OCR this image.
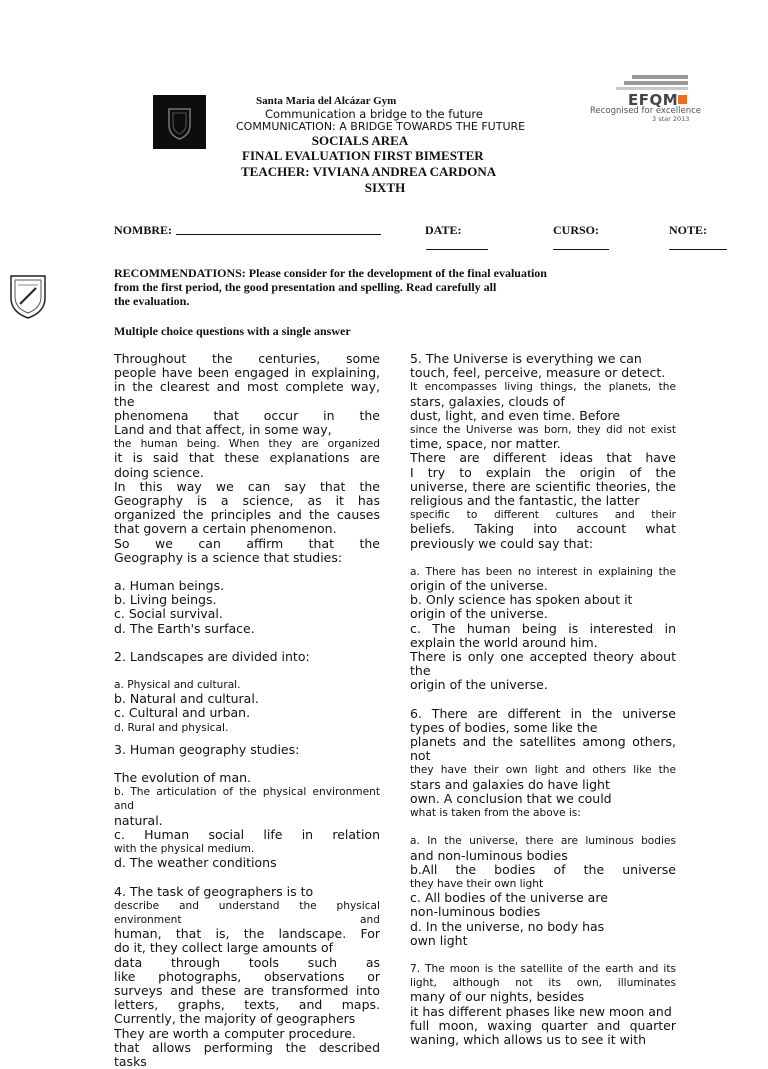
EFQM
Recognised for excellence
3 star 2013
Santa Maria del Alcázar Gym
Communication a bridge to the future
COMMUNICATION: A BRIDGE TOWARDS THE FUTURE
SOCIALS AREA
FINAL EVALUATION FIRST BIMESTER
TEACHER: VIVIANA ANDREA CARDONA
SIXTH
NOMBRE:	DATE:	CURSO:	NOTE:
RECOMMENDATIONS: Please consider for the development of the final evaluation
from the first period, the good presentation and spelling. Read carefully all
the evaluation.
Multiple choice questions with a single answer

Throughout the centuries, some

people have been engaged in explaining,

in the clearest and most complete way, the

phenomena that occur in the

Land and that affect, in some way,

the human being. When they are organized

it is said that these explanations are

doing science.

In this way we can say that the

Geography is a science, as it has

organized the principles and the causes

that govern a certain phenomenon.

So we can affirm that the

Geography is a science that studies:

a. Human beings.

b. Living beings.

c. Social survival.

d. The Earth's surface.

2. Landscapes are divided into:

a. Physical and cultural.

b. Natural and cultural.

c. Cultural and urban.

d. Rural and physical.

3. Human geography studies:

The evolution of man.

b. The articulation of the physical environment and

natural.

c. Human social life in relation

with the physical medium.

d. The weather conditions

4. The task of geographers is to

describe and understand the physical environment and

human, that is, the landscape. For

do it, they collect large amounts of

data through tools such as

like photographs, observations or

surveys and these are transformed into

letters, graphs, texts, and maps.

Currently, the majority of geographers

They are worth a computer procedure.

that allows performing the described tasks

5. The Universe is everything we can

touch, feel, perceive, measure or detect.

It encompasses living things, the planets, the

stars, galaxies, clouds of

dust, light, and even time. Before

since the Universe was born, they did not exist

time, space, nor matter.

There are different ideas that have

I try to explain the origin of the

universe, there are scientific theories, the

religious and the fantastic, the latter

specific to different cultures and their

beliefs. Taking into account what

previously we could say that:

a. There has been no interest in explaining the

origin of the universe.

b. Only science has spoken about it

origin of the universe.

c. The human being is interested in

explain the world around him.

There is only one accepted theory about the

origin of the universe.

6. There are different in the universe

types of bodies, some like the

planets and the satellites among others, not

they have their own light and others like the

stars and galaxies do have light

own. A conclusion that we could

what is taken from the above is:

a. In the universe, there are luminous bodies

and non-luminous bodies

b.All the bodies of the universe

they have their own light

c. All bodies of the universe are

non-luminous bodies

d. In the universe, no body has

own light

7. The moon is the satellite of the earth and its

light, although not its own, illuminates

many of our nights, besides

it has different phases like new moon and

full moon, waxing quarter and quarter

waning, which allows us to see it with
